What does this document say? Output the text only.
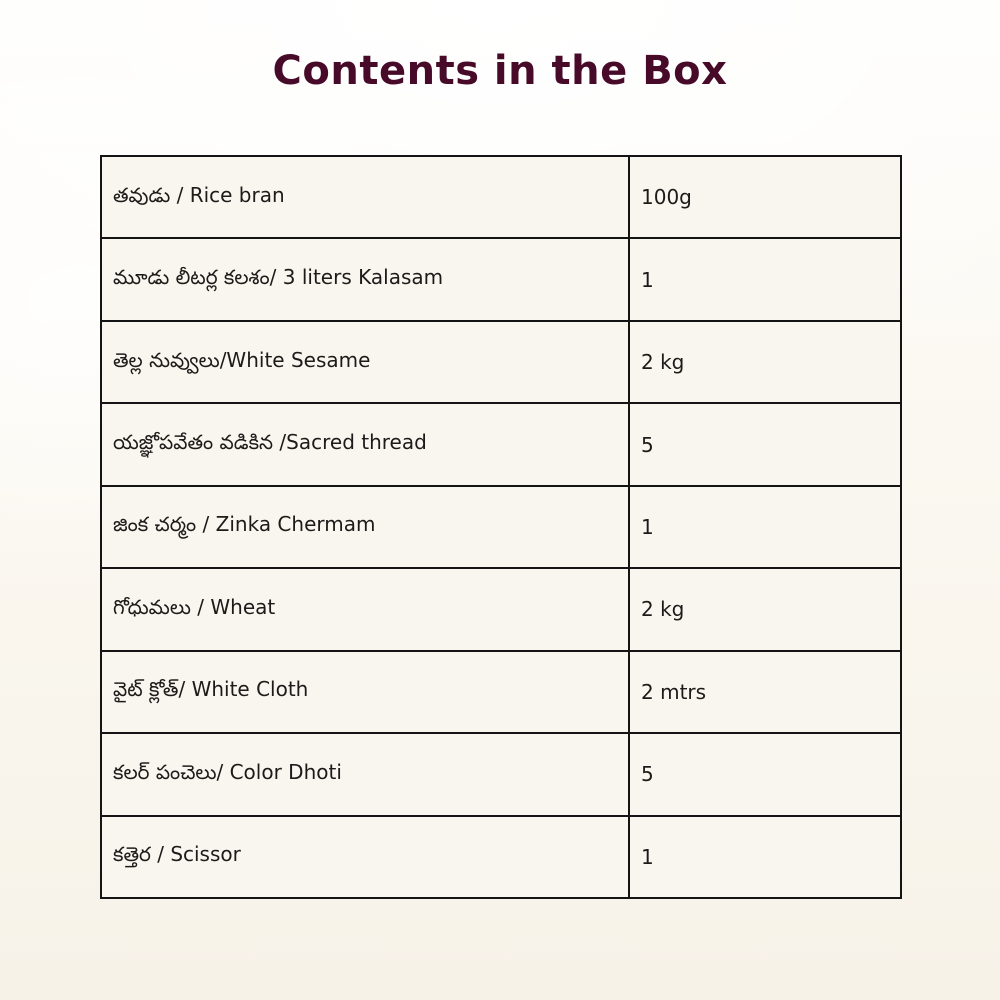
Contents in the Box
తవుడు / Rice bran	100g
మూడు లీటర్ల కలశం/ 3 liters Kalasam	1
తెల్ల నువ్వులు/White Sesame	2 kg
యజ్ఞోపవేతం వడికిన /Sacred thread	5
జింక చర్మం / Zinka Chermam	1
గోధుమలు / Wheat	2 kg
వైట్ క్లోత్/ White Cloth	2 mtrs
కలర్ పంచెలు/ Color Dhoti	5
కత్తెర / Scissor	1
